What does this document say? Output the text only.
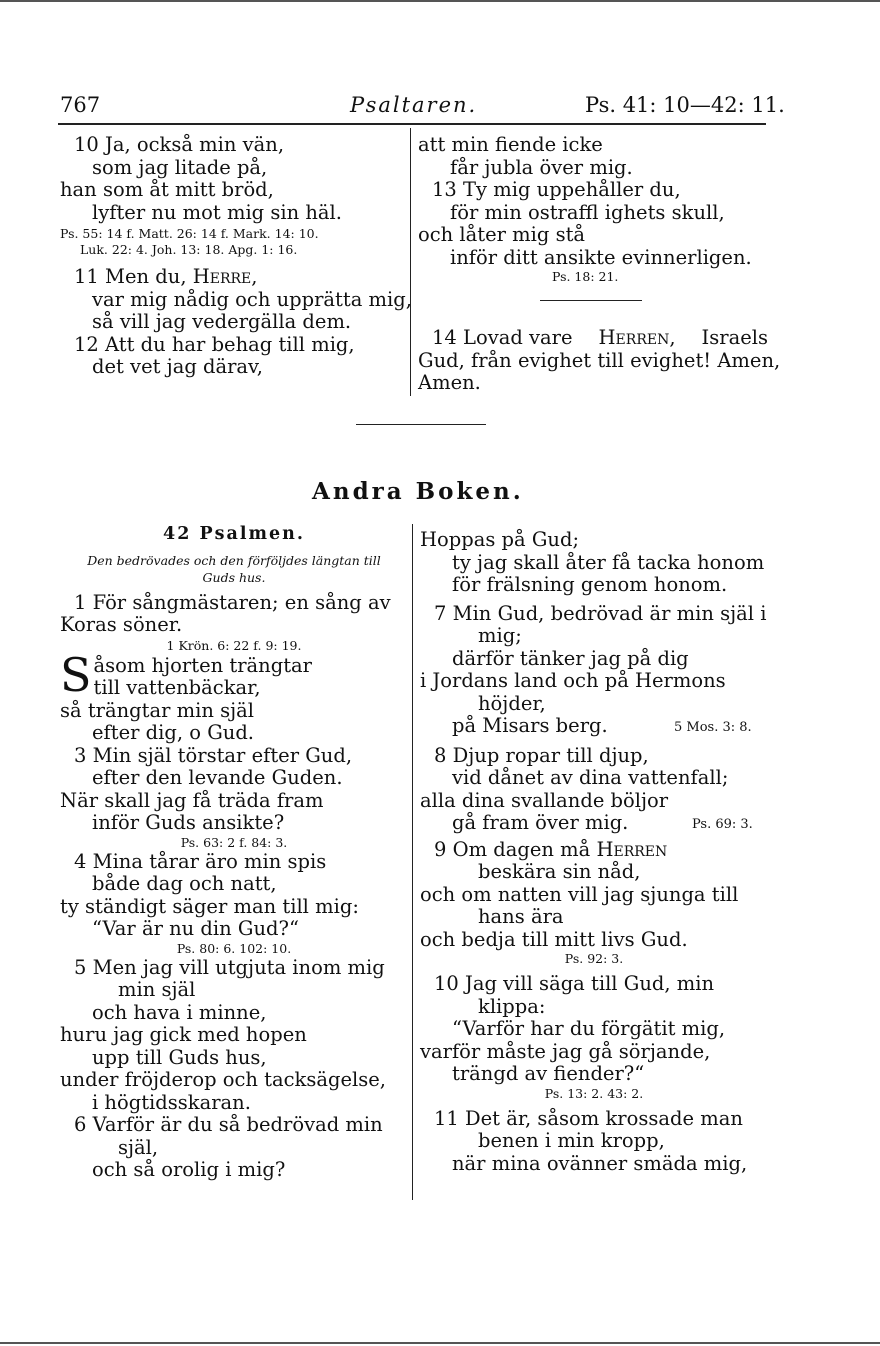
767	Psaltaren.	Ps. 41: 10—42: 11.
10 Ja, också min vän,
som jag litade på,
han som åt mitt bröd,
lyfter nu mot mig sin häl.
Ps. 55: 14 f. Matt. 26: 14 f. Mark. 14: 10.
Luk. 22: 4. Joh. 13: 18. Apg. 1: 16.
11 Men du, Herre,
var mig nådig och upprätta mig,
så vill jag vedergälla dem.
12 Att du har behag till mig,
det vet jag därav,
att min fiende icke
får jubla över mig.
13 Ty mig uppehåller du,
för min ostraffl ighets skull,
och låter mig stå
inför ditt ansikte evinnerligen.
Ps. 18: 21.
14 Lovad vare Herren, Israels
Gud, från evighet till evighet! Amen,
Amen.
Andra Boken.
42 Psalmen.
Den bedrövades och den förföljdes längtan till
Guds hus.
1 För sångmästaren; en sång av
Koras söner.
1 Krön. 6: 22 f. 9: 19.
S åsom hjorten trängtar
till vattenbäckar,
så trängtar min själ
efter dig, o Gud.
3 Min själ törstar efter Gud,
efter den levande Guden.
När skall jag få träda fram
inför Guds ansikte?
Ps. 63: 2 f. 84: 3.
4 Mina tårar äro min spis
både dag och natt,
ty ständigt säger man till mig:
“Var är nu din Gud?“
Ps. 80: 6. 102: 10.
5 Men jag vill utgjuta inom mig
min själ
och hava i minne,
huru jag gick med hopen
upp till Guds hus,
under fröjderop och tacksägelse,
i högtidsskaran.
6 Varför är du så bedrövad min
själ,
och så orolig i mig?
Hoppas på Gud;
ty jag skall åter få tacka honom
för frälsning genom honom.
7 Min Gud, bedrövad är min själ i
mig;
därför tänker jag på dig
i Jordans land och på Hermons
höjder,
på Misars berg.	5 Mos. 3: 8.
8 Djup ropar till djup,
vid dånet av dina vattenfall;
alla dina svallande böljor
gå fram över mig.	Ps. 69: 3.
9 Om dagen må Herren
beskära sin nåd,
och om natten vill jag sjunga till
hans ära
och bedja till mitt livs Gud.
Ps. 92: 3.
10 Jag vill säga till Gud, min
klippa:
“Varför har du förgätit mig,
varför måste jag gå sörjande,
trängd av fiender?“
Ps. 13: 2. 43: 2.
11 Det är, såsom krossade man
benen i min kropp,
när mina ovänner smäda mig,
